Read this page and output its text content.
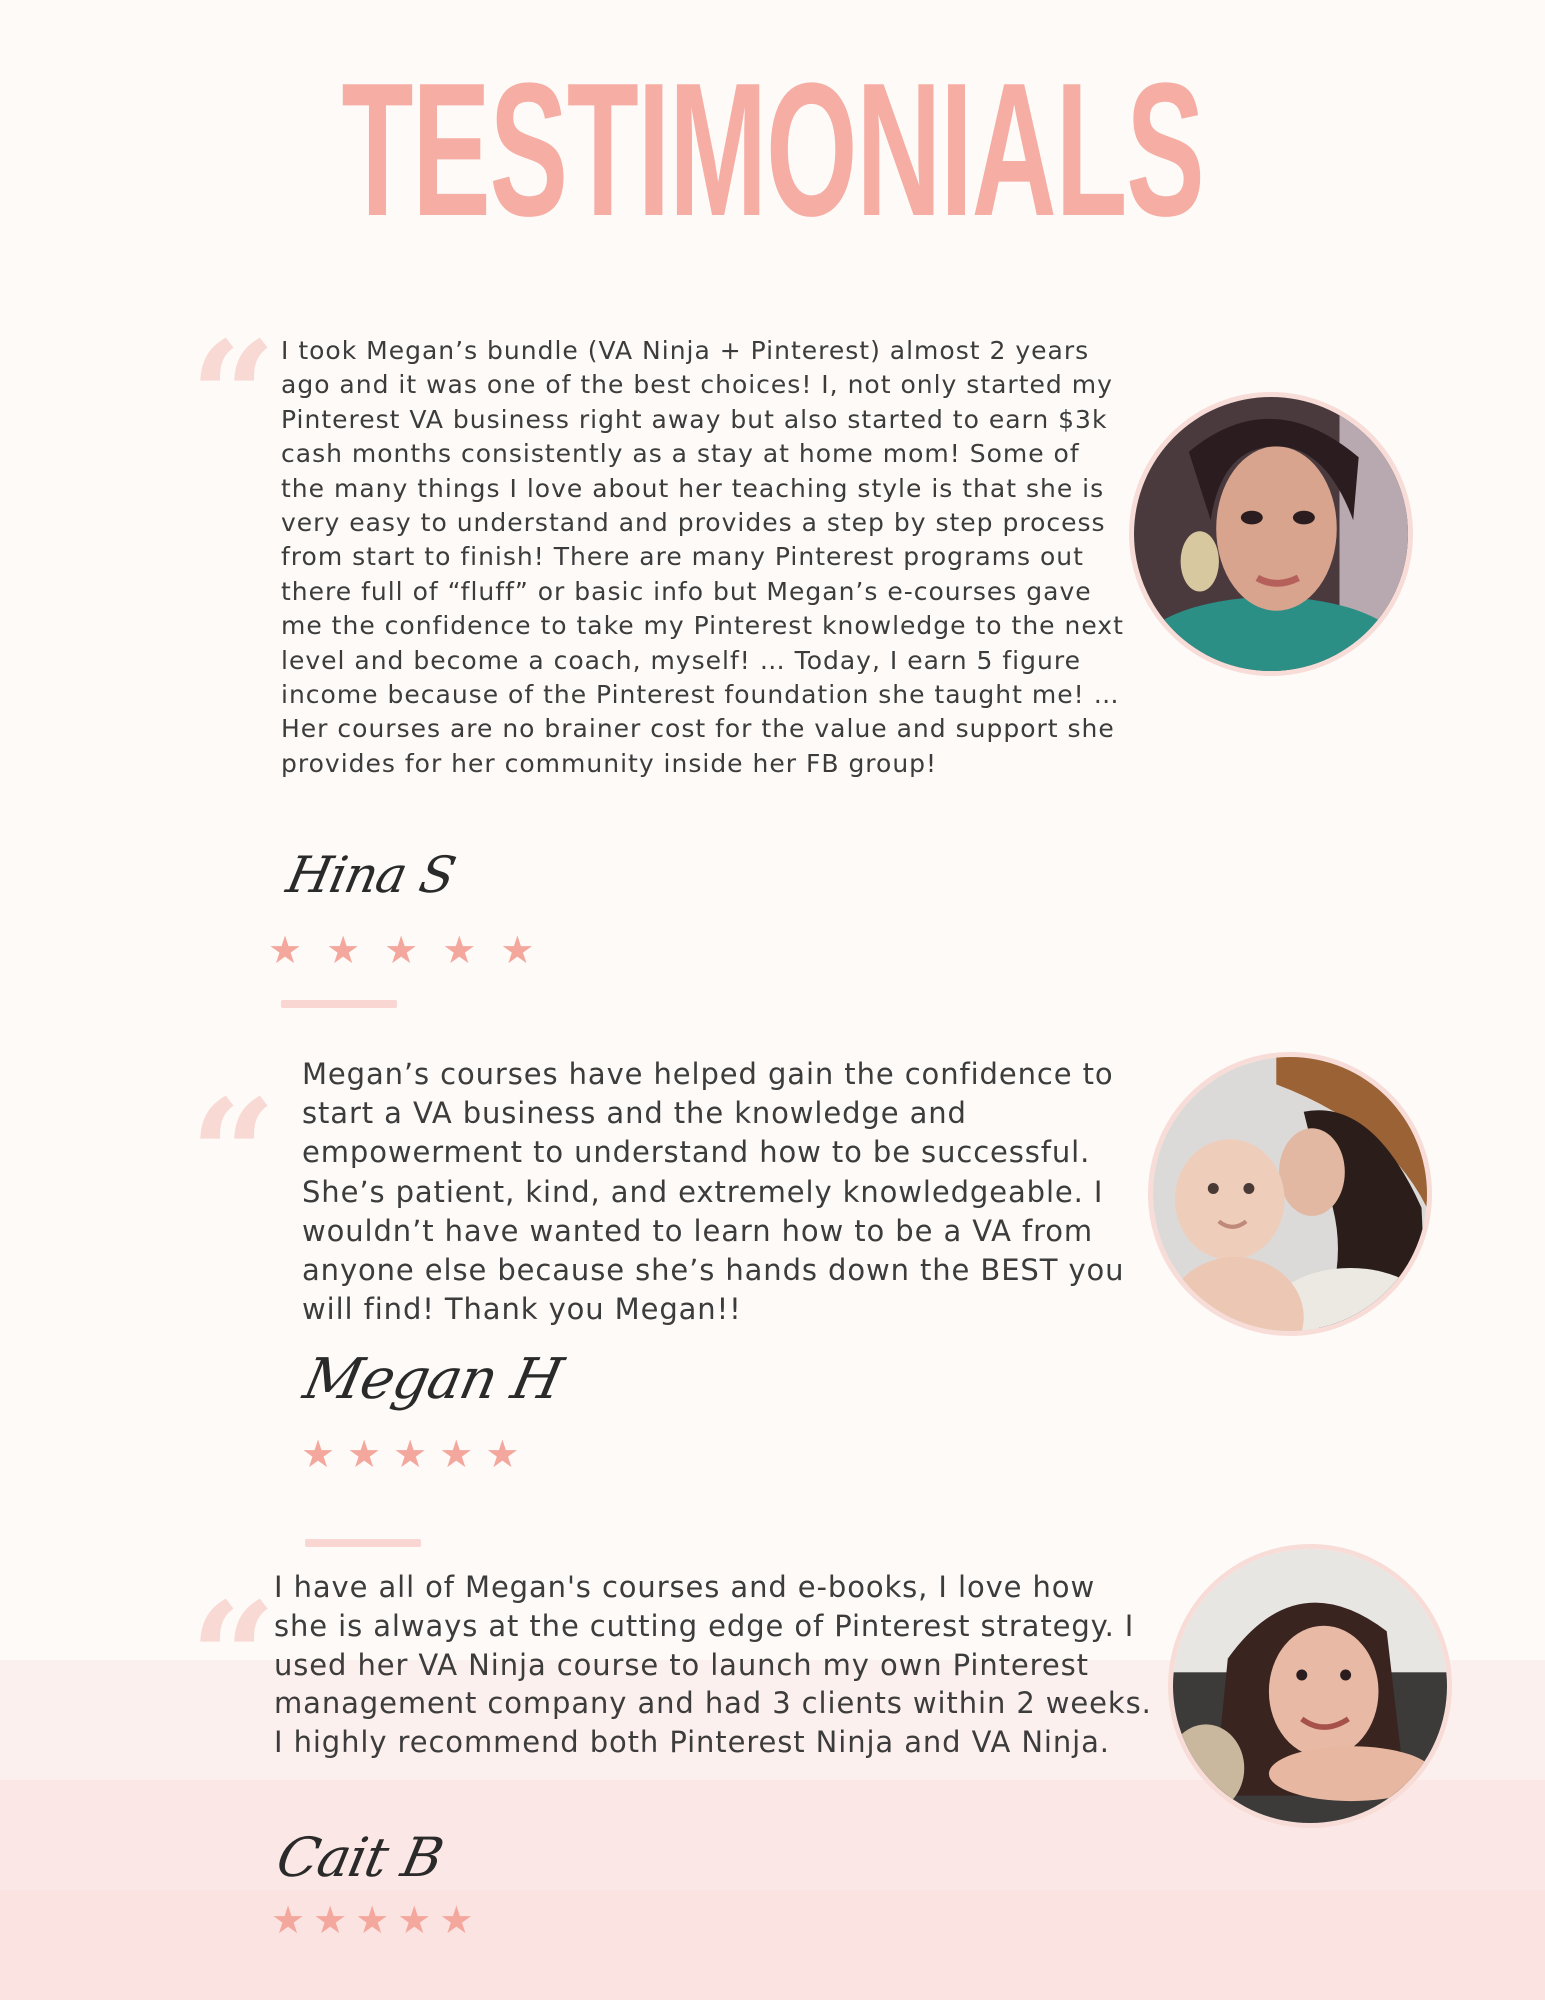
TESTIMONIALS
“ I took Megan’s bundle (VA Ninja + Pinterest) almost 2 years ago and it was one of the best choices! I, not only started my Pinterest VA business right away but also started to earn $3k cash months consistently as a stay at home mom! Some of the many things I love about her teaching style is that she is very easy to understand and provides a step by step process from start to finish! There are many Pinterest programs out there full of “fluff” or basic info but Megan’s e-courses gave me the confidence to take my Pinterest knowledge to the next level and become a coach, myself! … Today, I earn 5 figure income because of the Pinterest foundation she taught me! … Her courses are no brainer cost for the value and support she provides for her community inside her FB group!

Hina S
★ ★ ★ ★ ★
“ Megan’s courses have helped gain the confidence to start a VA business and the knowledge and empowerment to understand how to be successful. She’s patient, kind, and extremely knowledgeable. I wouldn’t have wanted to learn how to be a VA from anyone else because she’s hands down the BEST you will find! Thank you Megan!!

Megan H
★ ★ ★ ★ ★
“

I have all of Megan's courses and e-books, I love how she is always at the cutting edge of Pinterest strategy. I used her VA Ninja course to launch my own Pinterest management company and had 3 clients within 2 weeks. I highly recommend both Pinterest Ninja and VA Ninja.

Cait B
★ ★ ★ ★ ★
